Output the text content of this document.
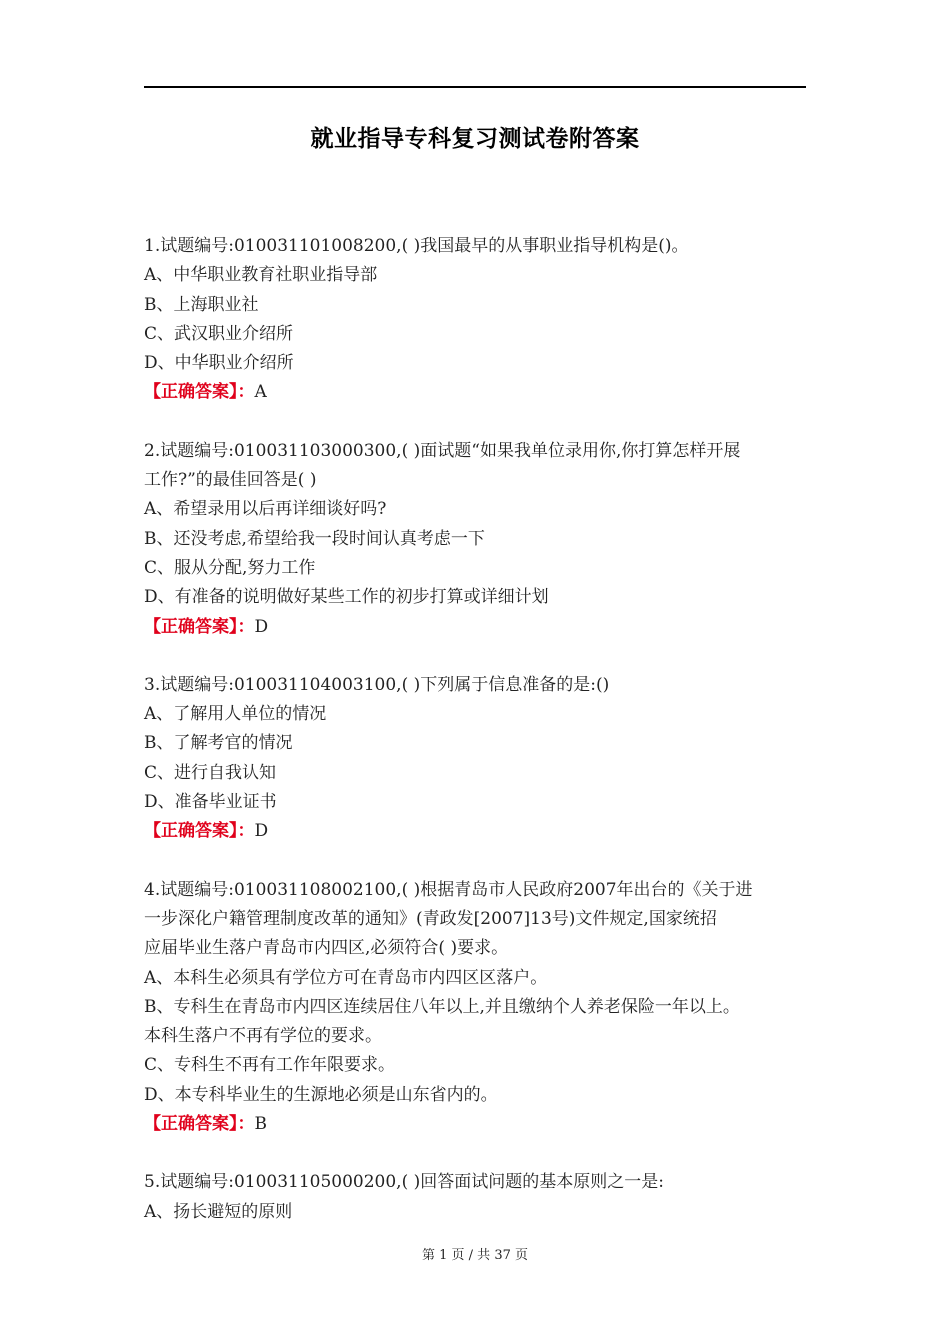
就业指导专科复习测试卷附答案
1.试题编号:010031101008200,( )我国最早的从事职业指导机构是()。
A、中华职业教育社职业指导部
B、上海职业社
C、武汉职业介绍所
D、中华职业介绍所
【正确答案】：A
2.试题编号:010031103000300,( )面试题“如果我单位录用你,你打算怎样开展
工作?”的最佳回答是( )
A、希望录用以后再详细谈好吗?
B、还没考虑,希望给我一段时间认真考虑一下
C、服从分配,努力工作
D、有准备的说明做好某些工作的初步打算或详细计划
【正确答案】：D
3.试题编号:010031104003100,( )下列属于信息准备的是:()
A、了解用人单位的情况
B、了解考官的情况
C、进行自我认知
D、准备毕业证书
【正确答案】：D
4.试题编号:010031108002100,( )根据青岛市人民政府2007年出台的《关于进
一步深化户籍管理制度改革的通知》(青政发[2007]13号)文件规定,国家统招
应届毕业生落户青岛市内四区,必须符合( )要求。
A、本科生必须具有学位方可在青岛市内四区区落户。
B、专科生在青岛市内四区连续居住八年以上,并且缴纳个人养老保险一年以上。
本科生落户不再有学位的要求。
C、专科生不再有工作年限要求。
D、本专科毕业生的生源地必须是山东省内的。
【正确答案】：B
5.试题编号:010031105000200,( )回答面试问题的基本原则之一是:
A、扬长避短的原则
第 1 页 / 共 37 页
